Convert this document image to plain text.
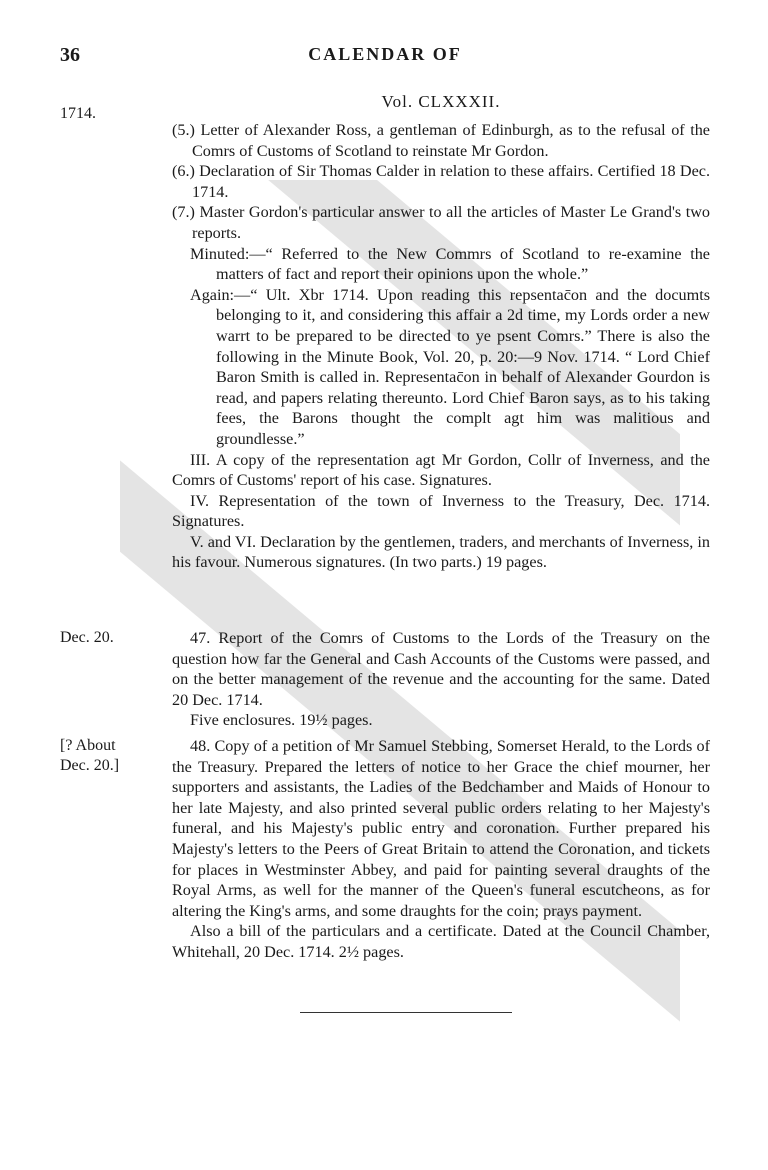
36	CALENDAR OF
Vol. CLXXXII.
1714.

(5.) Letter of Alexander Ross, a gentleman of Edinburgh, as to the refusal of the Comrs of Customs of Scotland to reinstate Mr Gordon.

(6.) Declaration of Sir Thomas Calder in relation to these affairs. Certified 18 Dec. 1714.

(7.) Master Gordon's particular answer to all the articles of Master Le Grand's two reports.

Minuted:—“ Referred to the New Commrs of Scotland to re-examine the matters of fact and report their opinions upon the whole.”

Again:—“ Ult. Xbr 1714. Upon reading this repsentac̄on and the documts belonging to it, and considering this affair a 2d time, my Lords order a new warrt to be prepared to be directed to ye psent Comrs.” There is also the following in the Minute Book, Vol. 20, p. 20:—9 Nov. 1714. “ Lord Chief Baron Smith is called in. Representac̄on in behalf of Alexander Gourdon is read, and papers relating thereunto. Lord Chief Baron says, as to his taking fees, the Barons thought the complt agt him was malitious and groundlesse.”

III. A copy of the representation agt Mr Gordon, Collr of Inverness, and the Comrs of Customs' report of his case. Signatures.

IV. Representation of the town of Inverness to the Treasury, Dec. 1714. Signatures.

V. and VI. Declaration by the gentlemen, traders, and merchants of Inverness, in his favour. Numerous signatures. (In two parts.) 19 pages.

Dec. 20.	47. Report of the Comrs of Customs to the Lords of the Treasury on the question how far the General and Cash Accounts of the Customs were passed, and on the better management of the revenue and the accounting for the same. Dated 20 Dec. 1714.

Five enclosures. 19½ pages.

[? About
Dec. 20.]

48. Copy of a petition of Mr Samuel Stebbing, Somerset Herald, to the Lords of the Treasury. Prepared the letters of notice to her Grace the chief mourner, her supporters and assistants, the Ladies of the Bedchamber and Maids of Honour to her late Majesty, and also printed several public orders relating to her Majesty's funeral, and his Majesty's public entry and coronation. Further prepared his Majesty's letters to the Peers of Great Britain to attend the Coronation, and tickets for places in Westminster Abbey, and paid for painting several draughts of the Royal Arms, as well for the manner of the Queen's funeral escutcheons, as for altering the King's arms, and some draughts for the coin; prays payment.

Also a bill of the particulars and a certificate. Dated at the Council Chamber, Whitehall, 20 Dec. 1714. 2½ pages.
